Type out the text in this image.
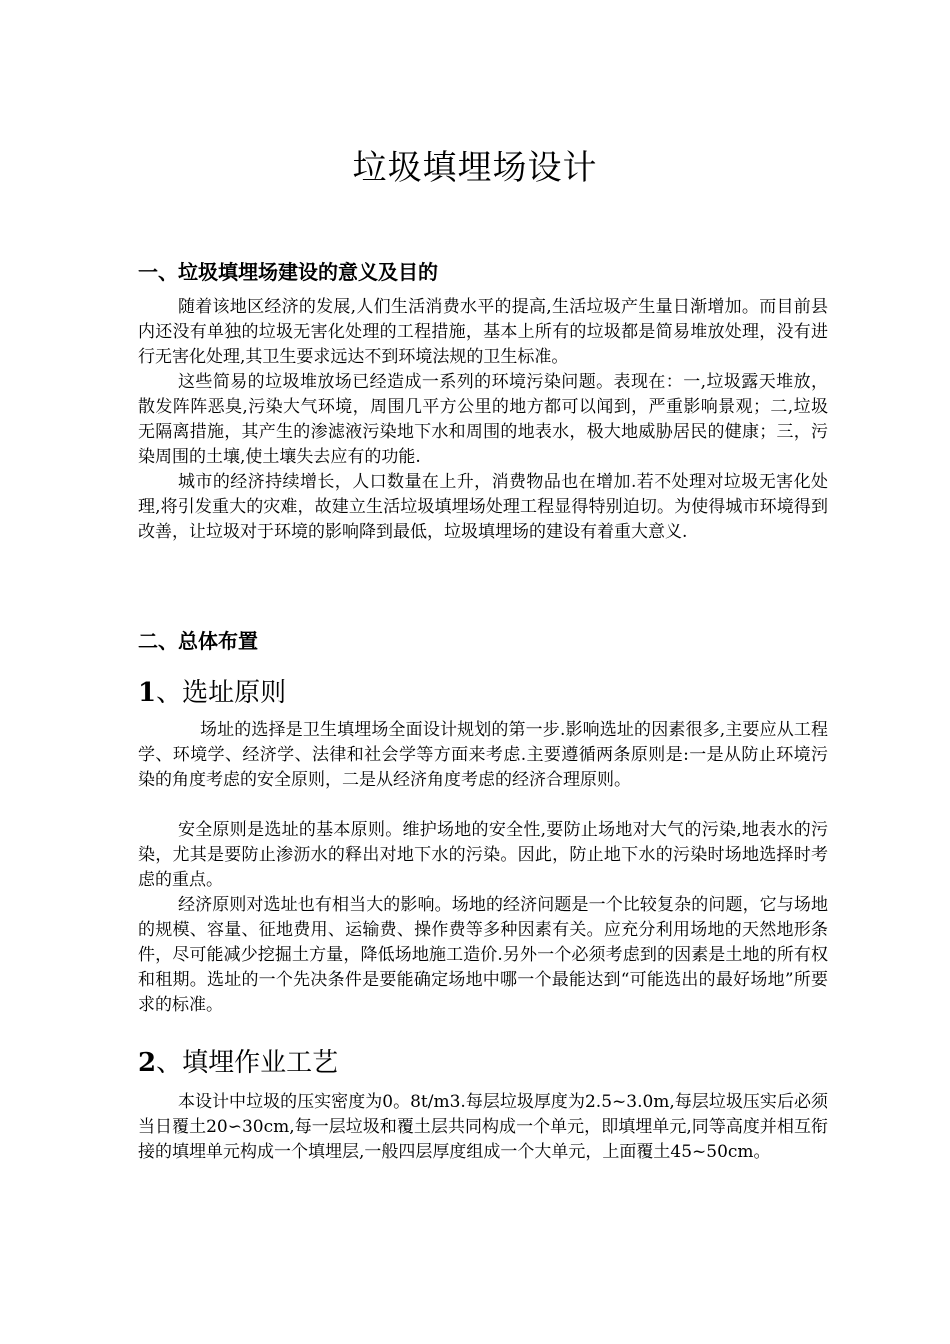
垃圾填埋场设计
一、垃圾填埋场建设的意义及目的

随着该地区经济的发展,人们生活消费水平的提高,生活垃圾产生量日渐增加。而目前县内还没有单独的垃圾无害化处理的工程措施，基本上所有的垃圾都是简易堆放处理，没有进行无害化处理,其卫生要求远达不到环境法规的卫生标准。

这些简易的垃圾堆放场已经造成一系列的环境污染问题。表现在：一,垃圾露天堆放，散发阵阵恶臭,污染大气环境，周围几平方公里的地方都可以闻到，严重影响景观；二,垃圾无隔离措施，其产生的渗滤液污染地下水和周围的地表水，极大地威胁居民的健康；三，污染周围的土壤,使土壤失去应有的功能.

城市的经济持续增长，人口数量在上升，消费物品也在增加.若不处理对垃圾无害化处理,将引发重大的灾难，故建立生活垃圾填埋场处理工程显得特别迫切。为使得城市环境得到改善，让垃圾对于环境的影响降到最低，垃圾填埋场的建设有着重大意义.

二、总体布置
1、选址原则

场址的选择是卫生填埋场全面设计规划的第一步.影响选址的因素很多,主要应从工程学、环境学、经济学、法律和社会学等方面来考虑.主要遵循两条原则是:一是从防止环境污染的角度考虑的安全原则，二是从经济角度考虑的经济合理原则。

安全原则是选址的基本原则。维护场地的安全性,要防止场地对大气的污染,地表水的污染，尤其是要防止渗沥水的释出对地下水的污染。因此，防止地下水的污染时场地选择时考虑的重点。

经济原则对选址也有相当大的影响。场地的经济问题是一个比较复杂的问题，它与场地的规模、容量、征地费用、运输费、操作费等多种因素有关。应充分利用场地的天然地形条件，尽可能减少挖掘土方量，降低场地施工造价.另外一个必须考虑到的因素是土地的所有权和租期。选址的一个先决条件是要能确定场地中哪一个最能达到“可能选出的最好场地”所要求的标准。

2、填埋作业工艺

本设计中垃圾的压实密度为0。8t/m3.每层垃圾厚度为2.5~3.0m,每层垃圾压实后必须当日覆土20∽30cm,每一层垃圾和覆土层共同构成一个单元，即填埋单元,同等高度并相互衔接的填埋单元构成一个填埋层,一般四层厚度组成一个大单元，上面覆土45~50cm。
